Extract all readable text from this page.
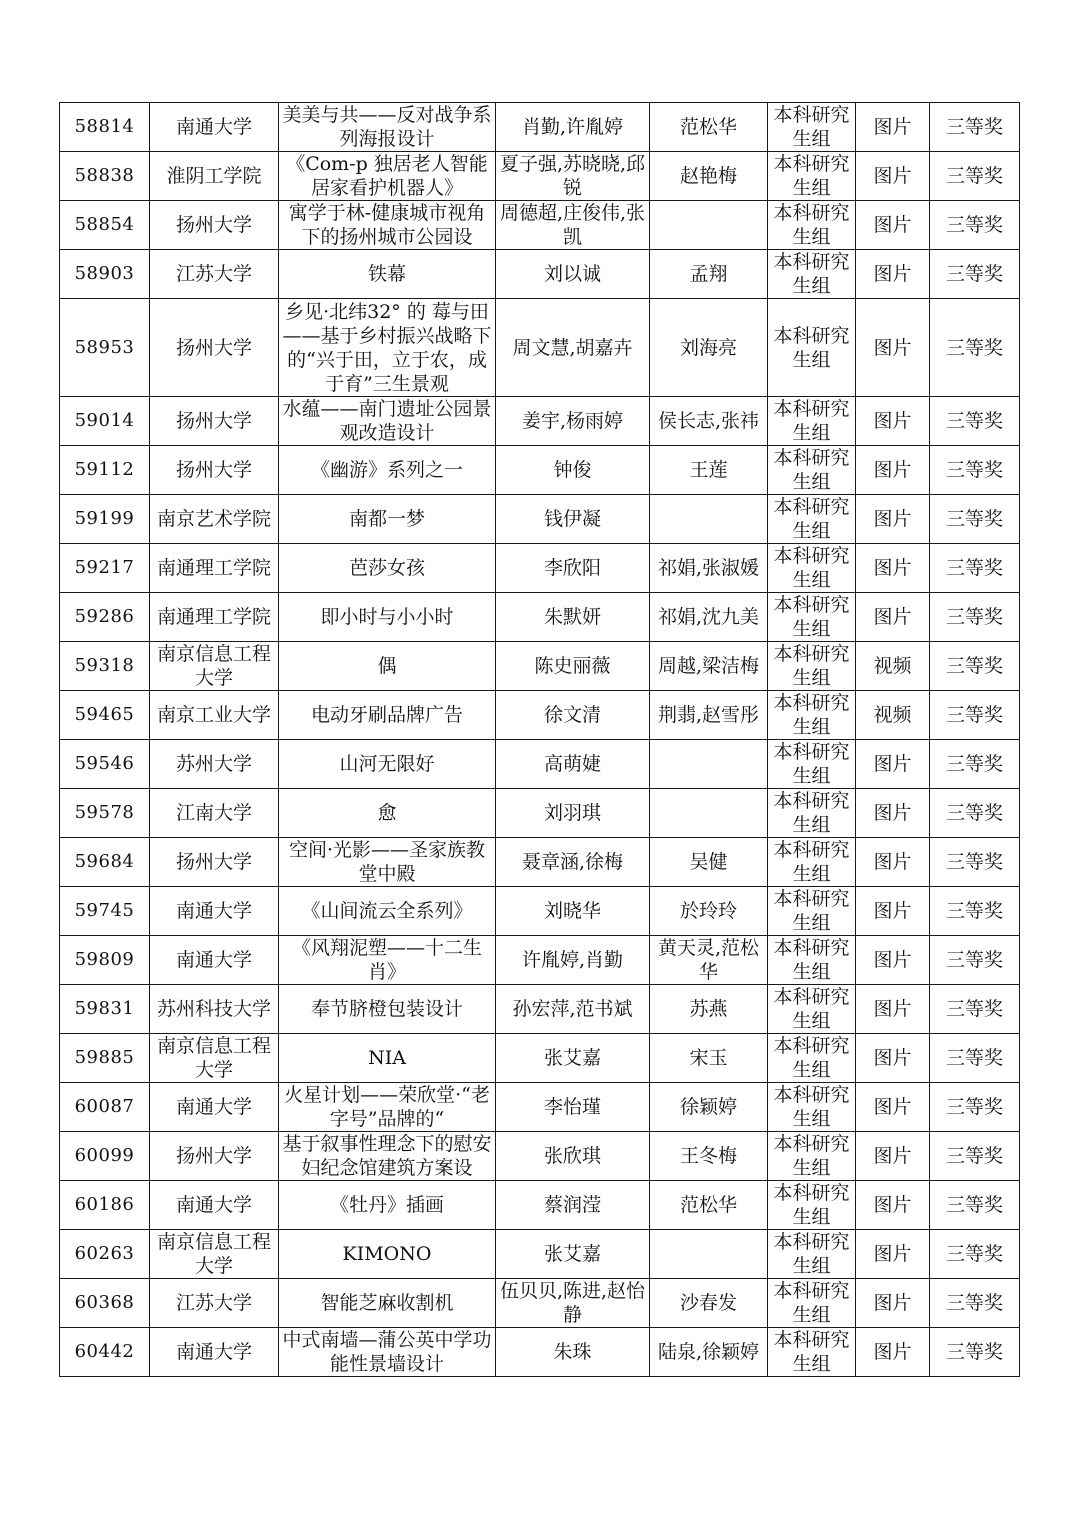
58814	南通大学	美美与共——反对战争系列海报设计	肖勤,许胤婷	范松华	本科研究生组	图片	三等奖
58838	淮阴工学院	《Com-p 独居老人智能居家看护机器人》	夏子强,苏晓晓,邱锐	赵艳梅	本科研究生组	图片	三等奖
58854	扬州大学	寓学于林-健康城市视角下的扬州城市公园设	周德超,庄俊伟,张凯		本科研究生组	图片	三等奖
58903	江苏大学	铁幕	刘以诚	孟翔	本科研究生组	图片	三等奖
58953	扬州大学	乡见·北纬32° 的 莓与田——基于乡村振兴战略下的“兴于田，立于农，成于育”三生景观	周文慧,胡嘉卉	刘海亮	本科研究生组	图片	三等奖
59014	扬州大学	水蕴——南门遗址公园景观改造设计	姜宇,杨雨婷	侯长志,张祎	本科研究生组	图片	三等奖
59112	扬州大学	《幽游》系列之一	钟俊	王莲	本科研究生组	图片	三等奖
59199	南京艺术学院	南都一梦	钱伊凝		本科研究生组	图片	三等奖
59217	南通理工学院	芭莎女孩	李欣阳	祁娟,张淑媛	本科研究生组	图片	三等奖
59286	南通理工学院	即小时与小小时	朱默妍	祁娟,沈九美	本科研究生组	图片	三等奖
59318	南京信息工程大学	偶	陈史丽薇	周越,梁洁梅	本科研究生组	视频	三等奖
59465	南京工业大学	电动牙刷品牌广告	徐文清	荆翡,赵雪彤	本科研究生组	视频	三等奖
59546	苏州大学	山河无限好	高萌婕		本科研究生组	图片	三等奖
59578	江南大学	愈	刘羽琪		本科研究生组	图片	三等奖
59684	扬州大学	空间·光影——圣家族教堂中殿	聂章涵,徐梅	吴健	本科研究生组	图片	三等奖
59745	南通大学	《山间流云全系列》	刘晓华	於玲玲	本科研究生组	图片	三等奖
59809	南通大学	《风翔泥塑——十二生肖》	许胤婷,肖勤	黄天灵,范松华	本科研究生组	图片	三等奖
59831	苏州科技大学	奉节脐橙包装设计	孙宏萍,范书斌	苏燕	本科研究生组	图片	三等奖
59885	南京信息工程大学	NIA	张艾嘉	宋玉	本科研究生组	图片	三等奖
60087	南通大学	火星计划——荣欣堂·“老字号”品牌的“	李怡瑾	徐颖婷	本科研究生组	图片	三等奖
60099	扬州大学	基于叙事性理念下的慰安妇纪念馆建筑方案设	张欣琪	王冬梅	本科研究生组	图片	三等奖
60186	南通大学	《牡丹》插画	蔡润滢	范松华	本科研究生组	图片	三等奖
60263	南京信息工程大学	KIMONO	张艾嘉		本科研究生组	图片	三等奖
60368	江苏大学	智能芝麻收割机	伍贝贝,陈进,赵怡静	沙春发	本科研究生组	图片	三等奖
60442	南通大学	中式南墙—蒲公英中学功能性景墙设计	朱珠	陆泉,徐颖婷	本科研究生组	图片	三等奖
